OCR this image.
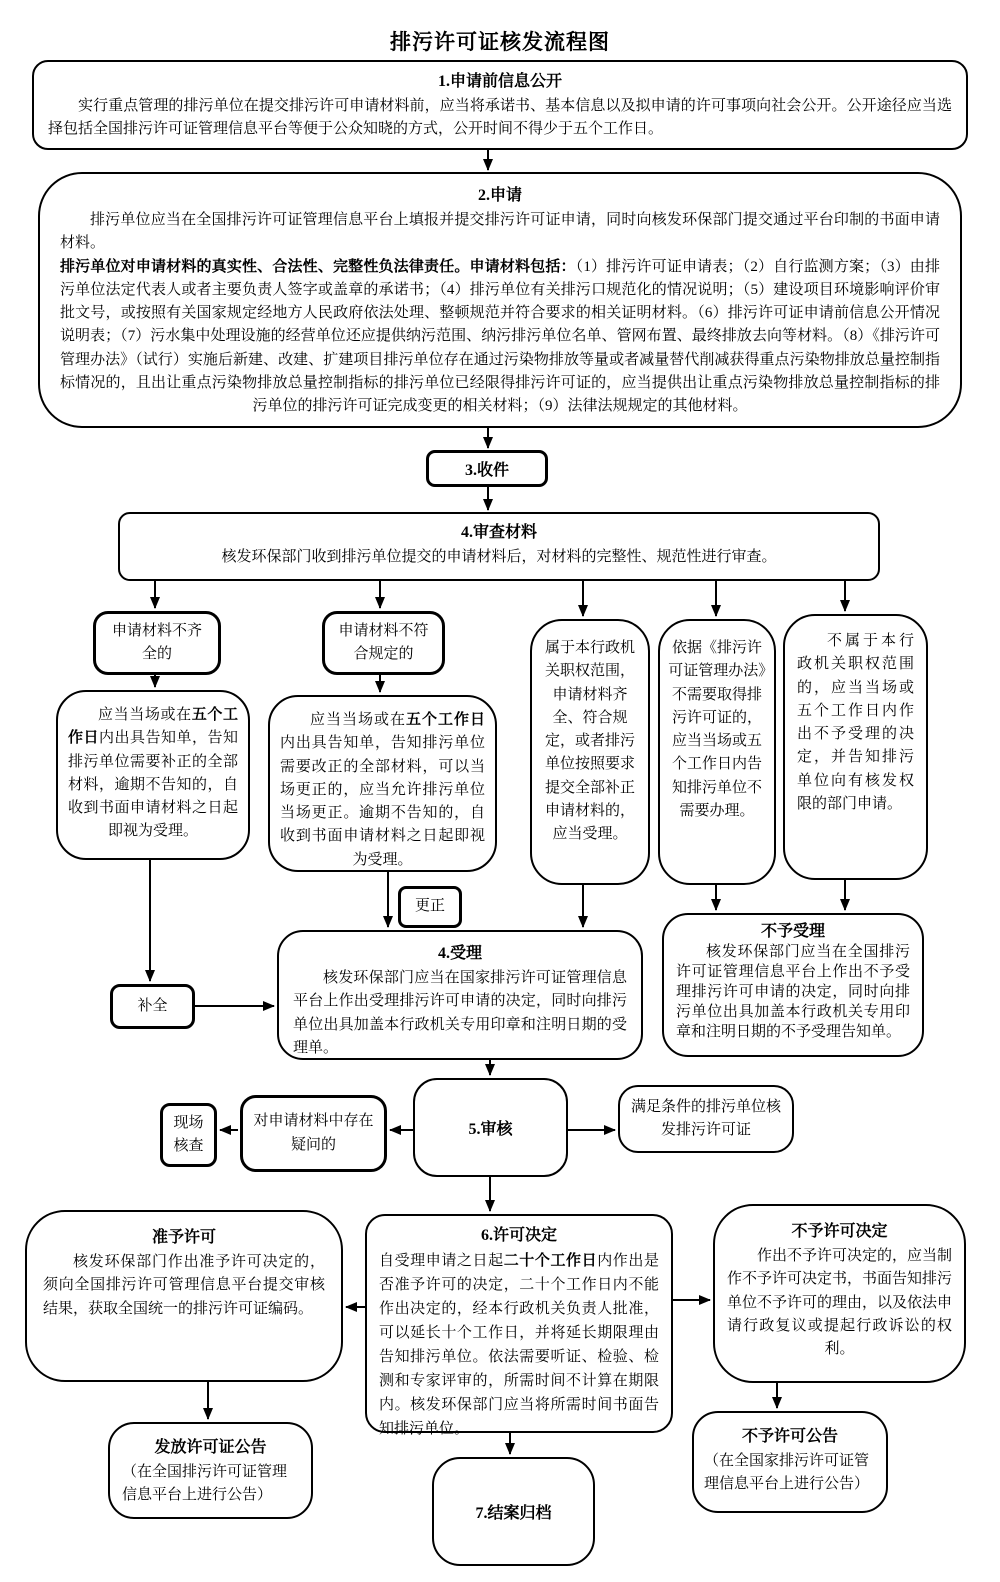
排污许可证核发流程图
1.申请前信息公开
实行重点管理的排污单位在提交排污许可申请材料前，应当将承诺书、基本信息以及拟申请的许可事项向社会公开。公开途径应当选择包括全国排污许可证管理信息平台等便于公众知晓的方式，公开时间不得少于五个工作日。
2.申请
排污单位应当在全国排污许可证管理信息平台上填报并提交排污许可证申请，同时向核发环保部门提交通过平台印制的书面申请材料。
排污单位对申请材料的真实性、合法性、完整性负法律责任。申请材料包括：（1）排污许可证申请表；（2）自行监测方案；（3）由排污单位法定代表人或者主要负责人签字或盖章的承诺书；（4）排污单位有关排污口规范化的情况说明；（5）建设项目环境影响评价审批文号，或按照有关国家规定经地方人民政府依法处理、整顿规范并符合要求的相关证明材料。（6）排污许可证申请前信息公开情况说明表；（7）污水集中处理设施的经营单位还应提供纳污范围、纳污排污单位名单、管网布置、最终排放去向等材料。（8）《排污许可管理办法》（试行）实施后新建、改建、扩建项目排污单位存在通过污染物排放等量或者减量替代削减获得重点污染物排放总量控制指标情况的，且出让重点污染物排放总量控制指标的排污单位已经限得排污许可证的，应当提供出让重点污染物排放总量控制指标的排污单位的排污许可证完成变更的相关材料；（9）法律法规规定的其他材料。
3.收件
4.审查材料
核发环保部门收到排污单位提交的申请材料后，对材料的完整性、规范性进行审查。
申请材料不齐全的
申请材料不符合规定的	属于本行政机关职权范围，申请材料齐全、符合规定，或者排污单位按照要求提交全部补正申请材料的，应当受理。
依据《排污许可证管理办法》不需要取得排污许可证的，应当当场或五个工作日内告知排污单位不需要办理。
不属于本行政机关职权范围的，应当当场或五个工作日内作出不予受理的决定，并告知排污单位向有核发权限的部门申请。
应当当场或在五个工作日内出具告知单，告知排污单位需要补正的全部材料，逾期不告知的，自收到书面申请材料之日起即视为受理。
应当当场或在五个工作日内出具告知单，告知排污单位需要改正的全部材料，可以当场更正的，应当允许排污单位当场更正。逾期不告知的，自收到书面申请材料之日起即视为受理。
更正
4.受理
核发环保部门应当在国家排污许可证管理信息平台上作出受理排污许可申请的决定，同时向排污单位出具加盖本行政机关专用印章和注明日期的受理单。
补全
不予受理
核发环保部门应当在全国排污许可证管理信息平台上作出不予受理排污许可申请的决定，同时向排污单位出具加盖本行政机关专用印章和注明日期的不予受理告知单。
现场核查
对申请材料中存在疑问的
5.审核
满足条件的排污单位核发排污许可证
6.许可决定
自受理申请之日起二十个工作日内作出是否准予许可的决定，二十个工作日内不能作出决定的，经本行政机关负责人批准，可以延长十个工作日，并将延长期限理由告知排污单位。依法需要听证、检验、检测和专家评审的，所需时间不计算在期限内。核发环保部门应当将所需时间书面告知排污单位。
准予许可
核发环保部门作出准予许可决定的，须向全国排污许可管理信息平台提交审核结果，获取全国统一的排污许可证编码。
不予许可决定
作出不予许可决定的，应当制作不予许可决定书，书面告知排污单位不予许可的理由，以及依法申请行政复议或提起行政诉讼的权利。
发放许可证公告
（在全国排污许可证管理信息平台上进行公告）
不予许可公告
（在全国家排污许可证管理信息平台上进行公告）
7.结案归档
